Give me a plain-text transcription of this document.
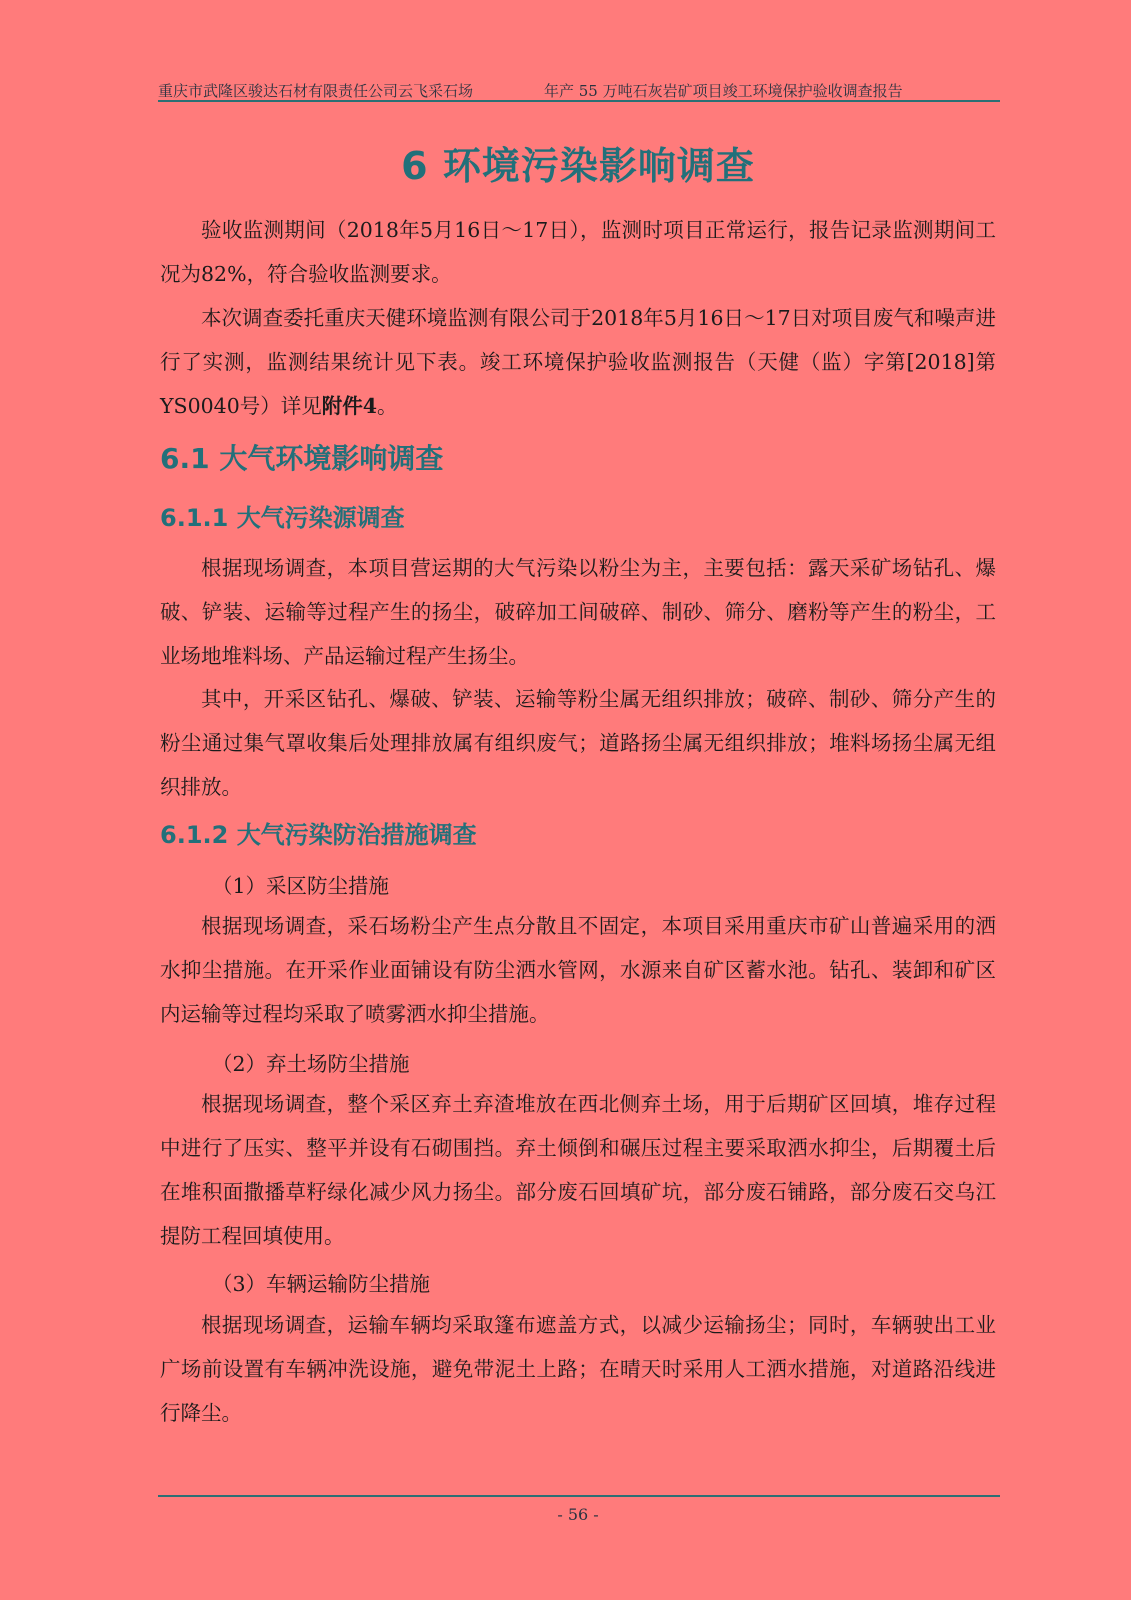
重庆市武隆区骏达石材有限责任公司云飞采石场	年产 55 万吨石灰岩矿项目竣工环境保护验收调查报告
6 环境污染影响调查

验收监测期间（2018年5月16日～17日），监测时项目正常运行，报告记录监测期间工况为82%，符合验收监测要求。

本次调查委托重庆天健环境监测有限公司于2018年5月16日～17日对项目废气和噪声进行了实测，监测结果统计见下表。竣工环境保护验收监测报告（天健（监）字第[2018]第YS0040号）详见附件4。

6.1 大气环境影响调查
6.1.1 大气污染源调查

根据现场调查，本项目营运期的大气污染以粉尘为主，主要包括：露天采矿场钻孔、爆破、铲装、运输等过程产生的扬尘，破碎加工间破碎、制砂、筛分、磨粉等产生的粉尘，工业场地堆料场、产品运输过程产生扬尘。

其中，开采区钻孔、爆破、铲装、运输等粉尘属无组织排放；破碎、制砂、筛分产生的粉尘通过集气罩收集后处理排放属有组织废气；道路扬尘属无组织排放；堆料场扬尘属无组织排放。

6.1.2 大气污染防治措施调查
（1）采区防尘措施

根据现场调查，采石场粉尘产生点分散且不固定，本项目采用重庆市矿山普遍采用的洒水抑尘措施。在开采作业面铺设有防尘洒水管网，水源来自矿区蓄水池。钻孔、装卸和矿区内运输等过程均采取了喷雾洒水抑尘措施。

（2）弃土场防尘措施

根据现场调查，整个采区弃土弃渣堆放在西北侧弃土场，用于后期矿区回填，堆存过程中进行了压实、整平并设有石砌围挡。弃土倾倒和碾压过程主要采取洒水抑尘，后期覆土后在堆积面撒播草籽绿化减少风力扬尘。部分废石回填矿坑，部分废石铺路，部分废石交乌江提防工程回填使用。

（3）车辆运输防尘措施

根据现场调查，运输车辆均采取篷布遮盖方式，以减少运输扬尘；同时，车辆驶出工业广场前设置有车辆冲洗设施，避免带泥土上路；在晴天时采用人工洒水措施，对道路沿线进行降尘。

- 56 -
